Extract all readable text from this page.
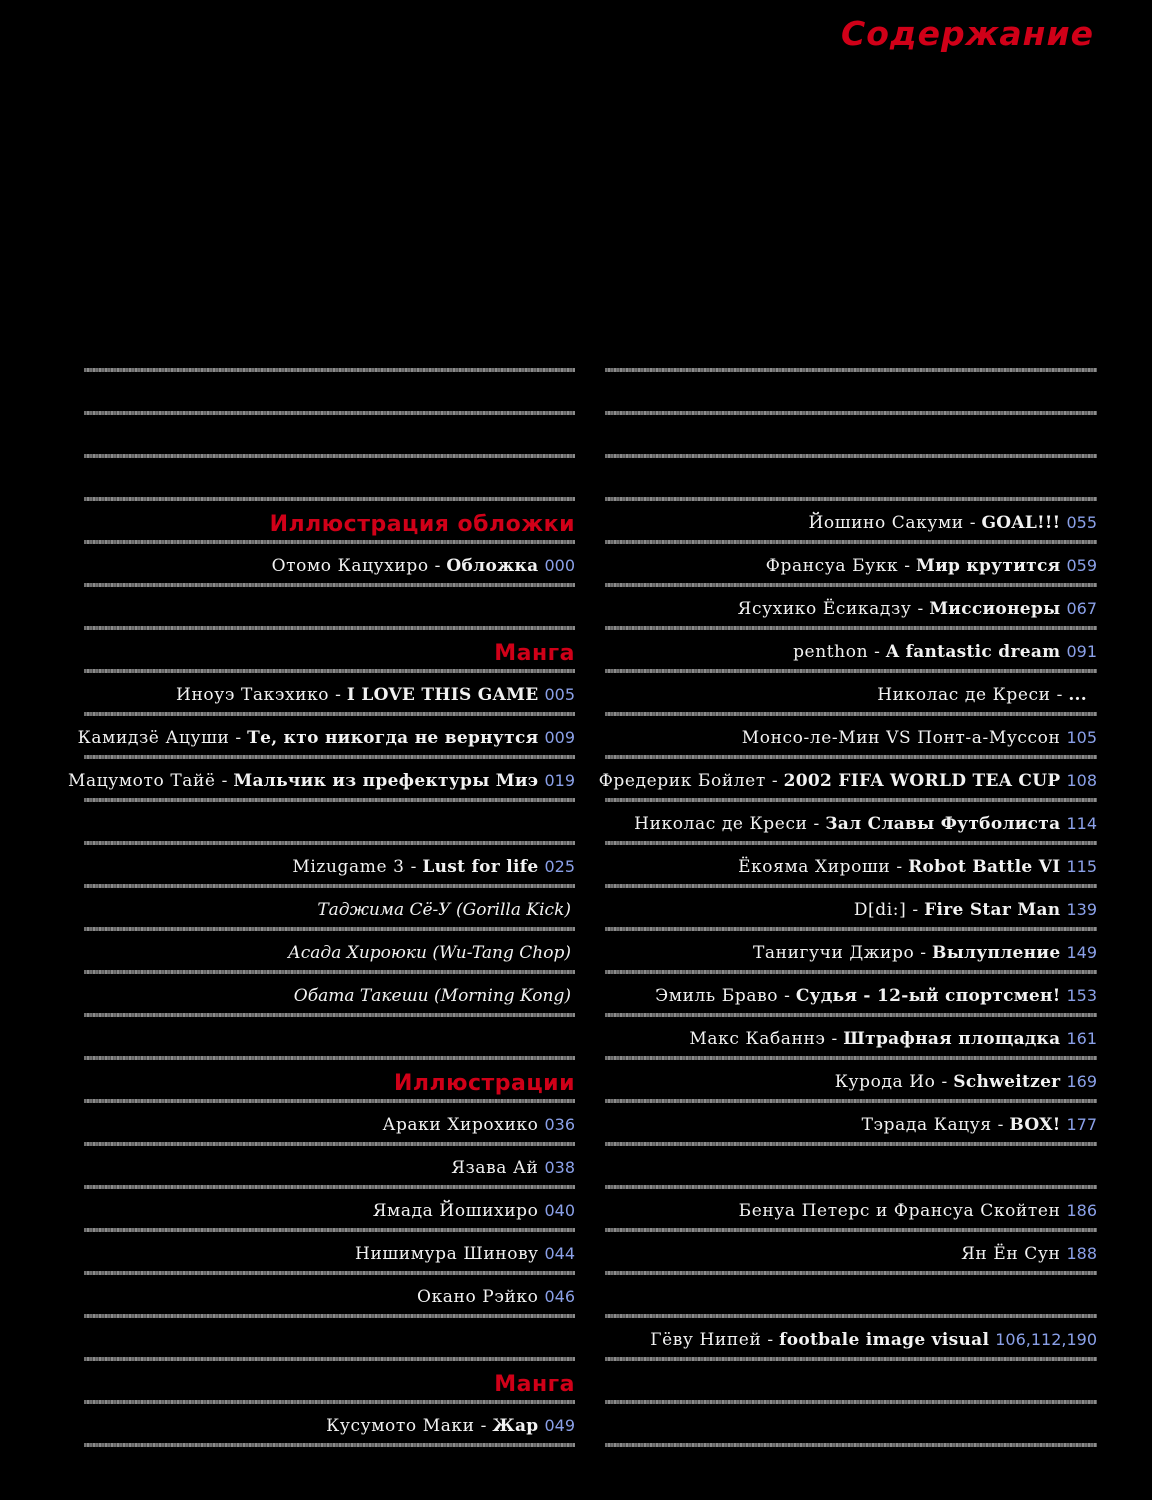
Содержание
Иллюстрация обложки
Отомо Кацухиро - Обложка 000
Манга
Иноуэ Такэхико - I LOVE THIS GAME 005
Камидзё Ацуши - Те, кто никогда не вернутся 009
Мацумото Тайё - Мальчик из префектуры Миэ 019
Mizugame 3 - Lust for life 025
Таджима Сё-У (Gorilla Kick)
Асада Хироюки (Wu-Tang Chop)
Обата Такеши (Morning Kong)
Иллюстрации
Араки Хирохико 036
Язава Ай 038
Ямада Йошихиро 040
Нишимура Шиновy 044
Окано Рэйко 046
Манга
Кусумото Маки - Жар 049
Йошино Сакуми - GOAL!!! 055
Франсуа Букк - Мир крутится 059
Ясухико Ёсикадзу - Миссионеры 067
penthon - A fantastic dream 091
Николас де Креси - ...
Монсо-ле-Мин VS Понт-а-Муссон 105
Фредерик Бойлет - 2002 FIFA WORLD TEA CUP 108
Николас де Креси - Зал Славы Футболиста 114
Ёкояма Хироши - Robot Battle VI 115
D[di:] - Fire Star Man 139
Танигучи Джиро - Вылупление 149
Эмиль Браво - Судья - 12-ый спортсмен! 153
Макс Кабаннэ - Штрафная площадка 161
Курода Ио - Schweitzer 169
Тэрада Кацуя - BOX! 177
Бенуа Петерс и Франсуа Скойтен 186
Ян Ён Сун 188
Гёву Нипей - footbale image visual 106,112,190
